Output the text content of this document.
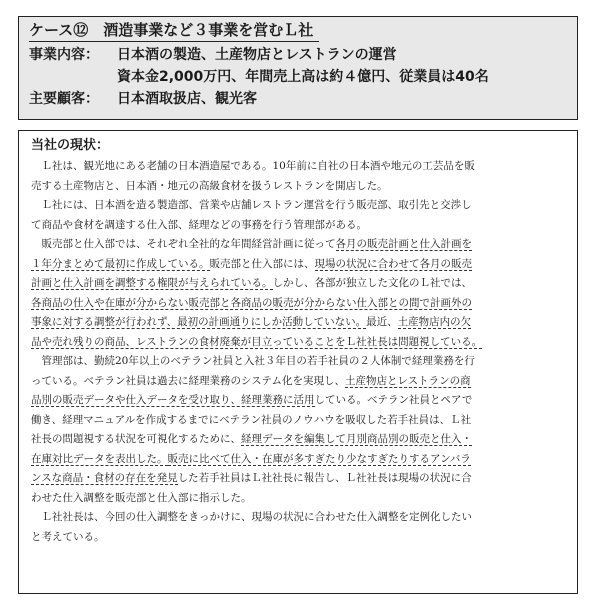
ケース⑫　酒造事業など３事業を営むＬ社
事業内容：	日本酒の製造、土産物店とレストランの運営
資本金2,000万円、年間売上高は約４億円、従業員は40名
主要顧客：	日本酒取扱店、観光客
当社の現状：
　Ｌ社は、観光地にある老舗の日本酒造屋である。10年前に自社の日本酒や地元の工芸品を販
売する土産物店と、日本酒・地元の高級食材を扱うレストランを開店した。
　Ｌ社には、日本酒を造る製造部、営業や店舗レストラン運営を行う販売部、取引先と交渉し
て商品や食材を調達する仕入部、経理などの事務を行う管理部がある。
　販売部と仕入部では、それぞれ全社的な年間経営計画に従って各月の販売計画と仕入計画を
１年分まとめて最初に作成している。販売部と仕入部には、現場の状況に合わせて各月の販売
計画と仕入計画を調整する権限が与えられている。しかし、各部が独立した文化のＬ社では、
各商品の仕入や在庫が分からない販売部と各商品の販売が分からない仕入部との間で計画外の
事象に対する調整が行われず、最初の計画通りにしか活動していない。最近、土産物店内の欠
品や売れ残りの商品、レストランの食材廃棄が目立っていることをＬ社社長は問題視している。
　管理部は、勤続20年以上のベテラン社員と入社３年目の若手社員の２人体制で経理業務を行
っている。ベテラン社員は過去に経理業務のシステム化を実現し、土産物店とレストランの商
品別の販売データや仕入データを受け取り、経理業務に活用している。ベテラン社員とペアで
働き、経理マニュアルを作成するまでにベテラン社員のノウハウを吸収した若手社員は、Ｌ社
社長の問題視する状況を可視化するために、経理データを編集して月別商品別の販売と仕入・
在庫対比データを表出した。販売に比べて仕入・在庫が多すぎたり少なすぎたりするアンバラ
ンスな商品・食材の存在を発見した若手社員はＬ社社長に報告し、Ｌ社社長は現場の状況に合
わせた仕入調整を販売部と仕入部に指示した。
　Ｌ社社長は、今回の仕入調整をきっかけに、現場の状況に合わせた仕入調整を定例化したい
と考えている。
